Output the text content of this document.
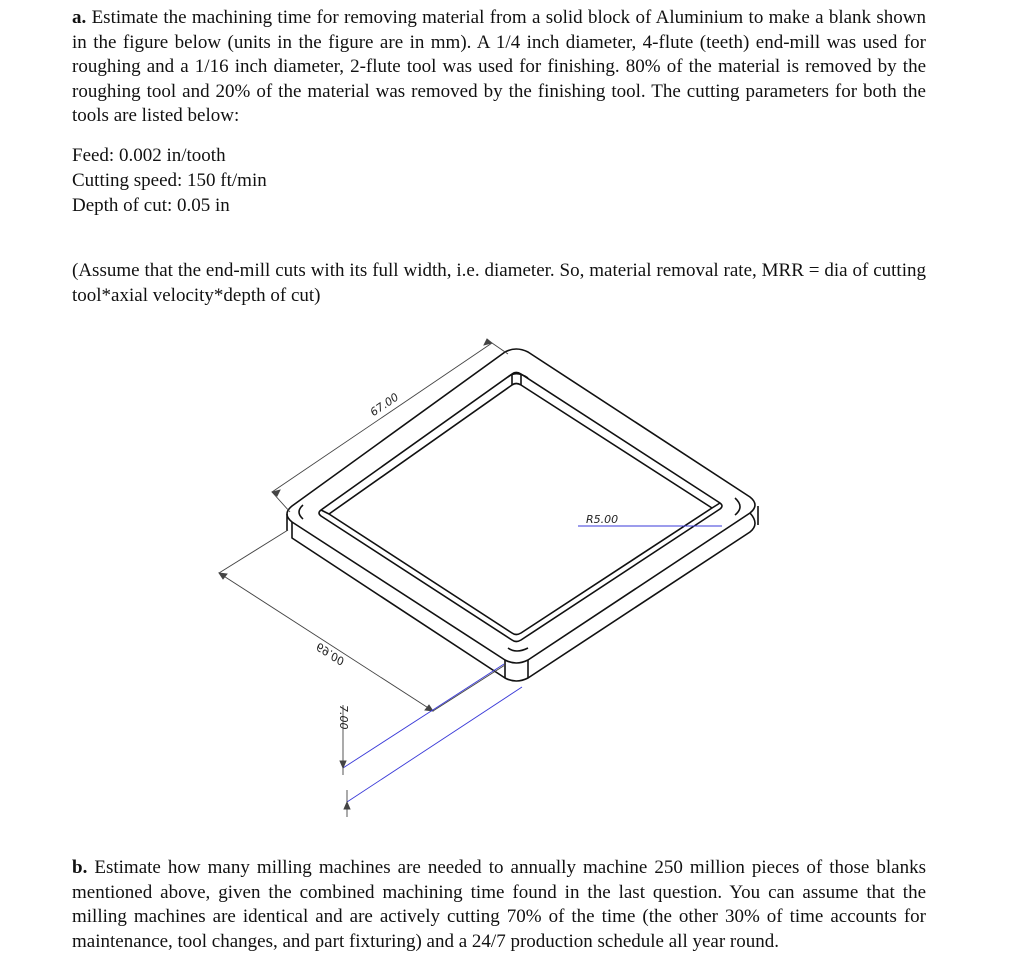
a. Estimate the machining time for removing material from a solid block of Aluminium to make a blank shown in the figure below (units in the figure are in mm). A 1/4 inch diameter, 4-flute (teeth) end-mill was used for roughing and a 1/16 inch diameter, 2-flute tool was used for finishing. 80% of the material is removed by the roughing tool and 20% of the material was removed by the finishing tool. The cutting parameters for both the tools are listed below:

Feed: 0.002 in/tooth

Cutting speed: 150 ft/min

Depth of cut: 0.05 in

(Assume that the end-mill cuts with its full width, i.e. diameter. So, material removal rate, MRR = dia of cutting tool*axial velocity*depth of cut)

67.00
69.00
R5.00
7.00

b. Estimate how many milling machines are needed to annually machine 250 million pieces of those blanks mentioned above, given the combined machining time found in the last question. You can assume that the milling machines are identical and are actively cutting 70% of the time (the other 30% of time accounts for maintenance, tool changes, and part fixturing) and a 24/7 production schedule all year round.
